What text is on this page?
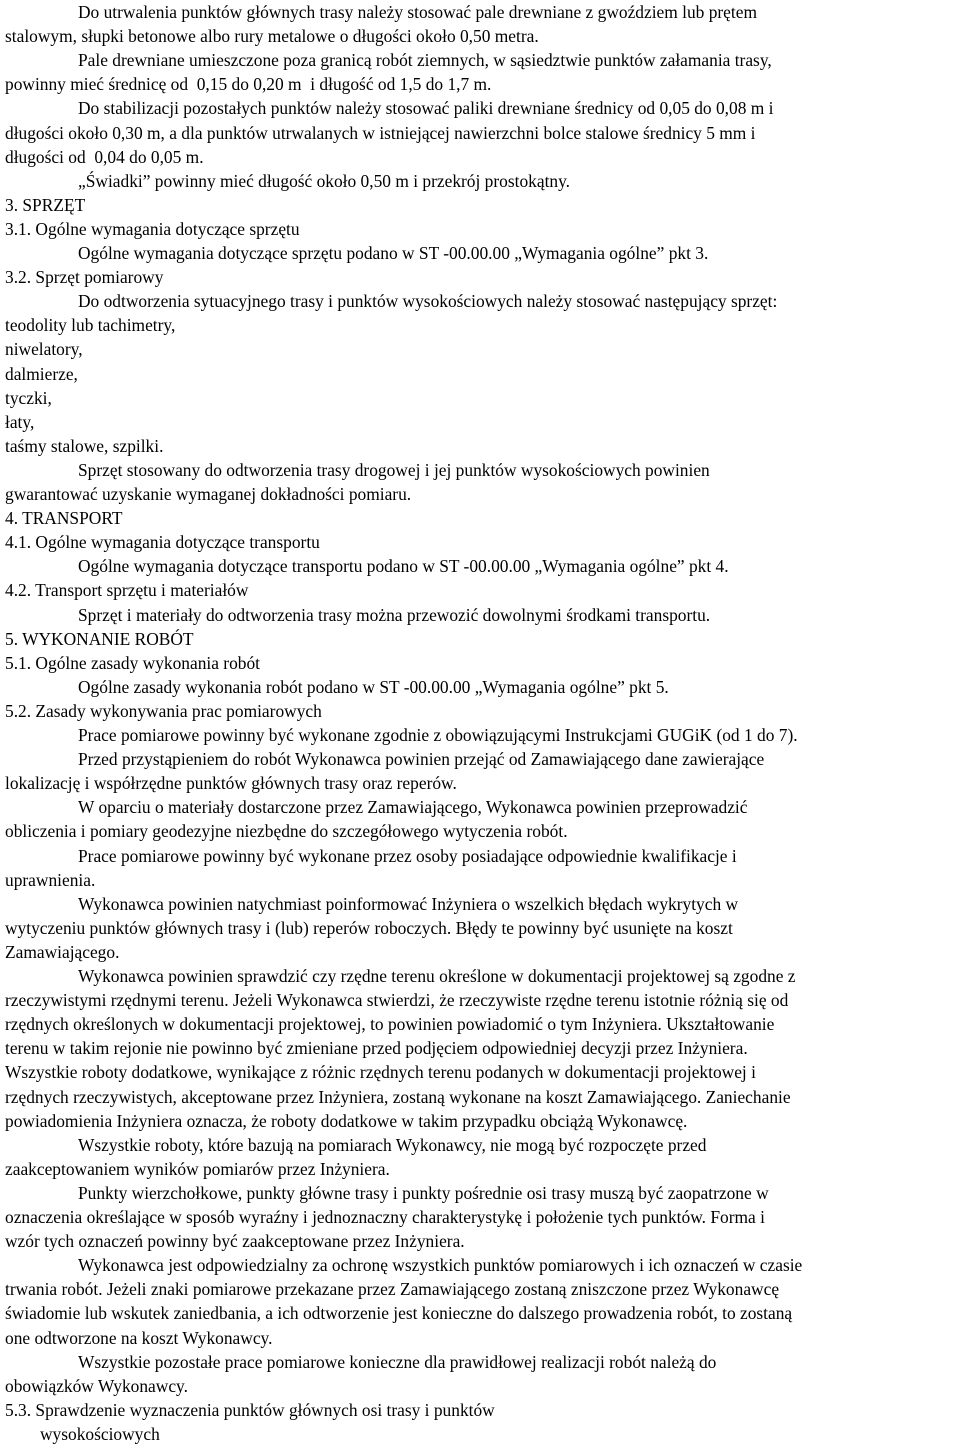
Do utrwalenia punktów głównych trasy należy stosować pale drewniane z gwoździem lub prętem
stalowym, słupki betonowe albo rury metalowe o długości około 0,50 metra.
Pale drewniane umieszczone poza granicą robót ziemnych, w sąsiedztwie punktów załamania trasy,
powinny mieć średnicę od  0,15 do 0,20 m  i długość od 1,5 do 1,7 m.
Do stabilizacji pozostałych punktów należy stosować paliki drewniane średnicy od 0,05 do 0,08 m i
długości około 0,30 m, a dla punktów utrwalanych w istniejącej nawierzchni bolce stalowe średnicy 5 mm i
długości od  0,04 do 0,05 m.
„Świadki” powinny mieć długość około 0,50 m i przekrój prostokątny.
3. SPRZĘT
3.1. Ogólne wymagania dotyczące sprzętu
Ogólne wymagania dotyczące sprzętu podano w ST -00.00.00 „Wymagania ogólne” pkt 3.
3.2. Sprzęt pomiarowy
Do odtworzenia sytuacyjnego trasy i punktów wysokościowych należy stosować następujący sprzęt:
teodolity lub tachimetry,
niwelatory,
dalmierze,
tyczki,
łaty,
taśmy stalowe, szpilki.
Sprzęt stosowany do odtworzenia trasy drogowej i jej punktów wysokościowych powinien
gwarantować uzyskanie wymaganej dokładności pomiaru.
4. TRANSPORT
4.1. Ogólne wymagania dotyczące transportu
Ogólne wymagania dotyczące transportu podano w ST -00.00.00 „Wymagania ogólne” pkt 4.
4.2. Transport sprzętu i materiałów
Sprzęt i materiały do odtworzenia trasy można przewozić dowolnymi środkami transportu.
5. WYKONANIE ROBÓT
5.1. Ogólne zasady wykonania robót
Ogólne zasady wykonania robót podano w ST -00.00.00 „Wymagania ogólne” pkt 5.
5.2. Zasady wykonywania prac pomiarowych
Prace pomiarowe powinny być wykonane zgodnie z obowiązującymi Instrukcjami GUGiK (od 1 do 7).
Przed przystąpieniem do robót Wykonawca powinien przejąć od Zamawiającego dane zawierające
lokalizację i współrzędne punktów głównych trasy oraz reperów.
W oparciu o materiały dostarczone przez Zamawiającego, Wykonawca powinien przeprowadzić
obliczenia i pomiary geodezyjne niezbędne do szczegółowego wytyczenia robót.
Prace pomiarowe powinny być wykonane przez osoby posiadające odpowiednie kwalifikacje i
uprawnienia.
Wykonawca powinien natychmiast poinformować Inżyniera o wszelkich błędach wykrytych w
wytyczeniu punktów głównych trasy i (lub) reperów roboczych. Błędy te powinny być usunięte na koszt
Zamawiającego.
Wykonawca powinien sprawdzić czy rzędne terenu określone w dokumentacji projektowej są zgodne z
rzeczywistymi rzędnymi terenu. Jeżeli Wykonawca stwierdzi, że rzeczywiste rzędne terenu istotnie różnią się od
rzędnych określonych w dokumentacji projektowej, to powinien powiadomić o tym Inżyniera. Ukształtowanie
terenu w takim rejonie nie powinno być zmieniane przed podjęciem odpowiedniej decyzji przez Inżyniera.
Wszystkie roboty dodatkowe, wynikające z różnic rzędnych terenu podanych w dokumentacji projektowej i
rzędnych rzeczywistych, akceptowane przez Inżyniera, zostaną wykonane na koszt Zamawiającego. Zaniechanie
powiadomienia Inżyniera oznacza, że roboty dodatkowe w takim przypadku obciążą Wykonawcę.
Wszystkie roboty, które bazują na pomiarach Wykonawcy, nie mogą być rozpoczęte przed
zaakceptowaniem wyników pomiarów przez Inżyniera.
Punkty wierzchołkowe, punkty główne trasy i punkty pośrednie osi trasy muszą być zaopatrzone w
oznaczenia określające w sposób wyraźny i jednoznaczny charakterystykę i położenie tych punktów. Forma i
wzór tych oznaczeń powinny być zaakceptowane przez Inżyniera.
Wykonawca jest odpowiedzialny za ochronę wszystkich punktów pomiarowych i ich oznaczeń w czasie
trwania robót. Jeżeli znaki pomiarowe przekazane przez Zamawiającego zostaną zniszczone przez Wykonawcę
świadomie lub wskutek zaniedbania, a ich odtworzenie jest konieczne do dalszego prowadzenia robót, to zostaną
one odtworzone na koszt Wykonawcy.
Wszystkie pozostałe prace pomiarowe konieczne dla prawidłowej realizacji robót należą do
obowiązków Wykonawcy.
5.3. Sprawdzenie wyznaczenia punktów głównych osi trasy i punktów
wysokościowych
